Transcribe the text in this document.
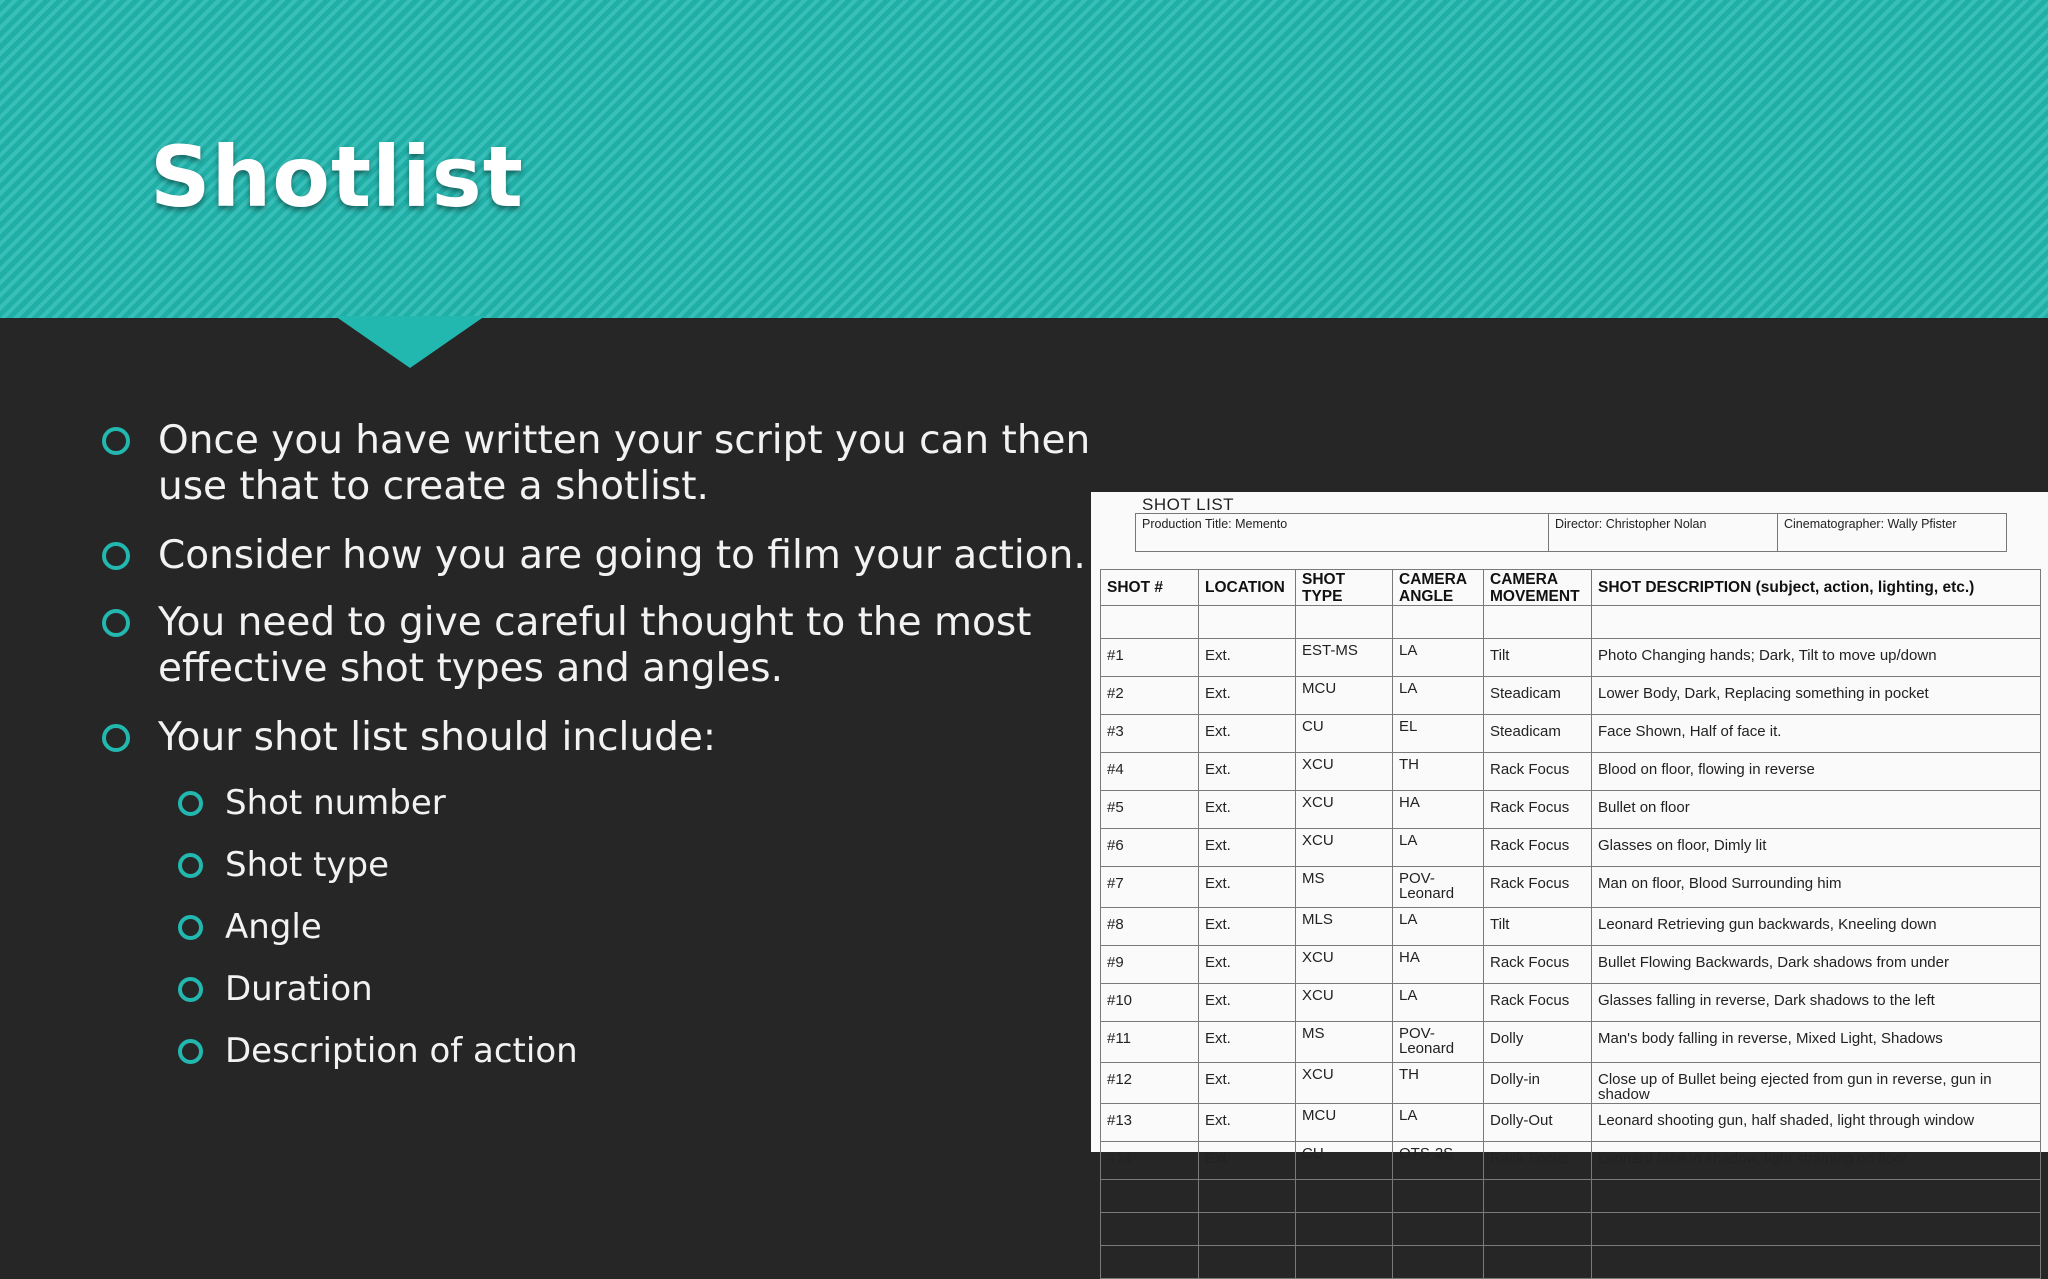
Shotlist
Once you have written your script you can then use that to create a shotlist.
Consider how you are going to film your action.
You need to give careful thought to the most effective shot types and angles.
Your shot list should include:
Shot number
Shot type
Angle
Duration
Description of action
SHOT LIST
Production Title: Memento	Director: Christopher Nolan	Cinematographer: Wally Pfister
SHOT #	LOCATION	SHOT TYPE	CAMERA ANGLE	CAMERA MOVEMENT	SHOT DESCRIPTION (subject, action, lighting, etc.)

#1	Ext.	EST-MS	LA	Tilt	Photo Changing hands; Dark, Tilt to move up/down
#2	Ext.	MCU	LA	Steadicam	Lower Body, Dark, Replacing something in pocket
#3	Ext.	CU	EL	Steadicam	Face Shown, Half of face it.
#4	Ext.	XCU	TH	Rack Focus	Blood on floor, flowing in reverse
#5	Ext.	XCU	HA	Rack Focus	Bullet on floor
#6	Ext.	XCU	LA	Rack Focus	Glasses on floor, Dimly lit
#7	Ext.	MS	POV-Leonard	Rack Focus	Man on floor, Blood Surrounding him
#8	Ext.	MLS	LA	Tilt	Leonard Retrieving gun backwards, Kneeling down
#9	Ext.	XCU	HA	Rack Focus	Bullet Flowing Backwards, Dark shadows from under
#10	Ext.	XCU	LA	Rack Focus	Glasses falling in reverse, Dark shadows to the left
#11	Ext.	MS	POV-Leonard	Dolly	Man's body falling in reverse, Mixed Light, Shadows
#12	Ext.	XCU	TH	Dolly-in	Close up of Bullet being ejected from gun in reverse, gun in shadow
#13	Ext.	MCU	LA	Dolly-Out	Leonard shooting gun, half shaded, light through window
#14	Ext.	CU	OTS-2S	Rack Focus	Leonard face in shadow, light straining on floor
